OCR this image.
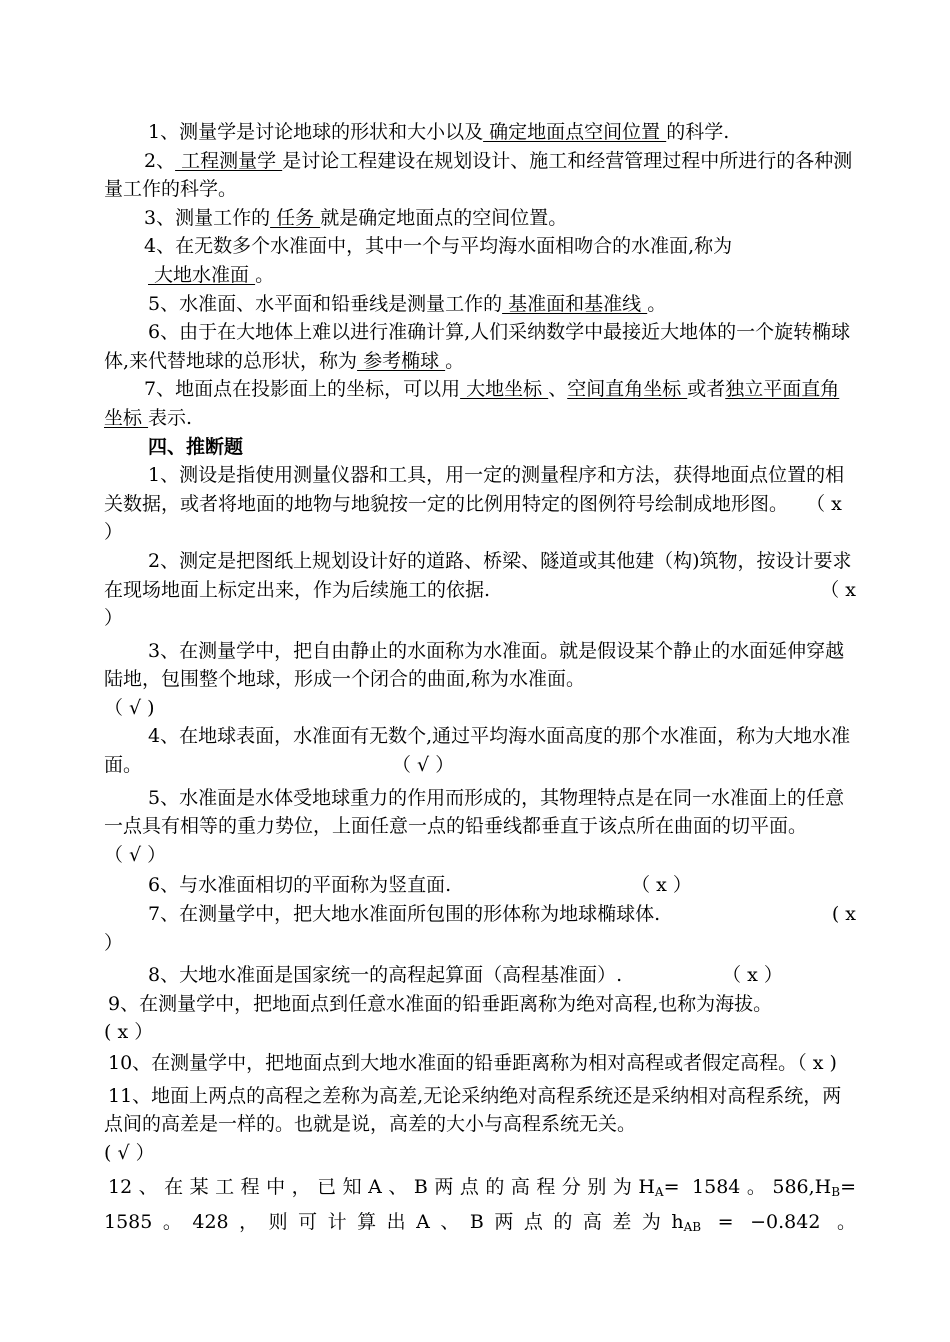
1、测量学是讨论地球的形状和大小以及 确定地面点空间位置 的科学.

2、 工程测量学 是讨论工程建设在规划设计、施工和经营管理过程中所进行的各种测量工作的科学。

3、测量工作的 任务 就是确定地面点的空间位置。

4、在无数多个水准面中，其中一个与平均海水面相吻合的水准面,称为
大地水准面 。

5、水准面、水平面和铅垂线是测量工作的 基准面和基准线 。

6、由于在大地体上难以进行准确计算,人们采纳数学中最接近大地体的一个旋转椭球体,来代替地球的总形状，称为 参考椭球 。

7、地面点在投影面上的坐标，可以用 大地坐标 、空间直角坐标 或者独立平面直角坐标 表示.

四、推断题

1、测设是指使用测量仪器和工具，用一定的测量程序和方法，获得地面点位置的相关数据，或者将地面的地物与地貌按一定的比例用特定的图例符号绘制成地形图。 （ x ）

2、测定是把图纸上规划设计好的道路、桥梁、隧道或其他建（构)筑物，按设计要求在现场地面上标定出来，作为后续施工的依据.	（ x

）

3、在测量学中，把自由静止的水面称为水准面。就是假设某个静止的水面延伸穿越陆地，包围整个地球，形成一个闭合的曲面,称为水准面。
（ √ )

4、在地球表面，水准面有无数个,通过平均海水面高度的那个水准面，称为大地水准面。	（ √ ）

5、水准面是水体受地球重力的作用而形成的，其物理特点是在同一水准面上的任意一点具有相等的重力势位，上面任意一点的铅垂线都垂直于该点所在曲面的切平面。（ √ ）

6、与水准面相切的平面称为竖直面.	（ x ）

7、在测量学中，把大地水准面所包围的形体称为地球椭球体.	( x

）

8、大地水准面是国家统一的高程起算面（高程基准面）.	（ x ）

9、在测量学中，把地面点到任意水准面的铅垂距离称为绝对高程,也称为海拔。
( x ）

10、在测量学中，把地面点到大地水准面的铅垂距离称为相对高程或者假定高程。（ x )

11、地面上两点的高程之差称为高差,无论采纳绝对高程系统还是采纳相对高程系统，两点间的高差是一样的。也就是说，高差的大小与高程系统无关。
( √ ）

12、在某工程中，已知A、B两点的高程分别为$H_A= 1584$。$586,H_B=$
1585。428，则可计算出A、B两点的高差为$h_{AB} = -0.842$ 。
